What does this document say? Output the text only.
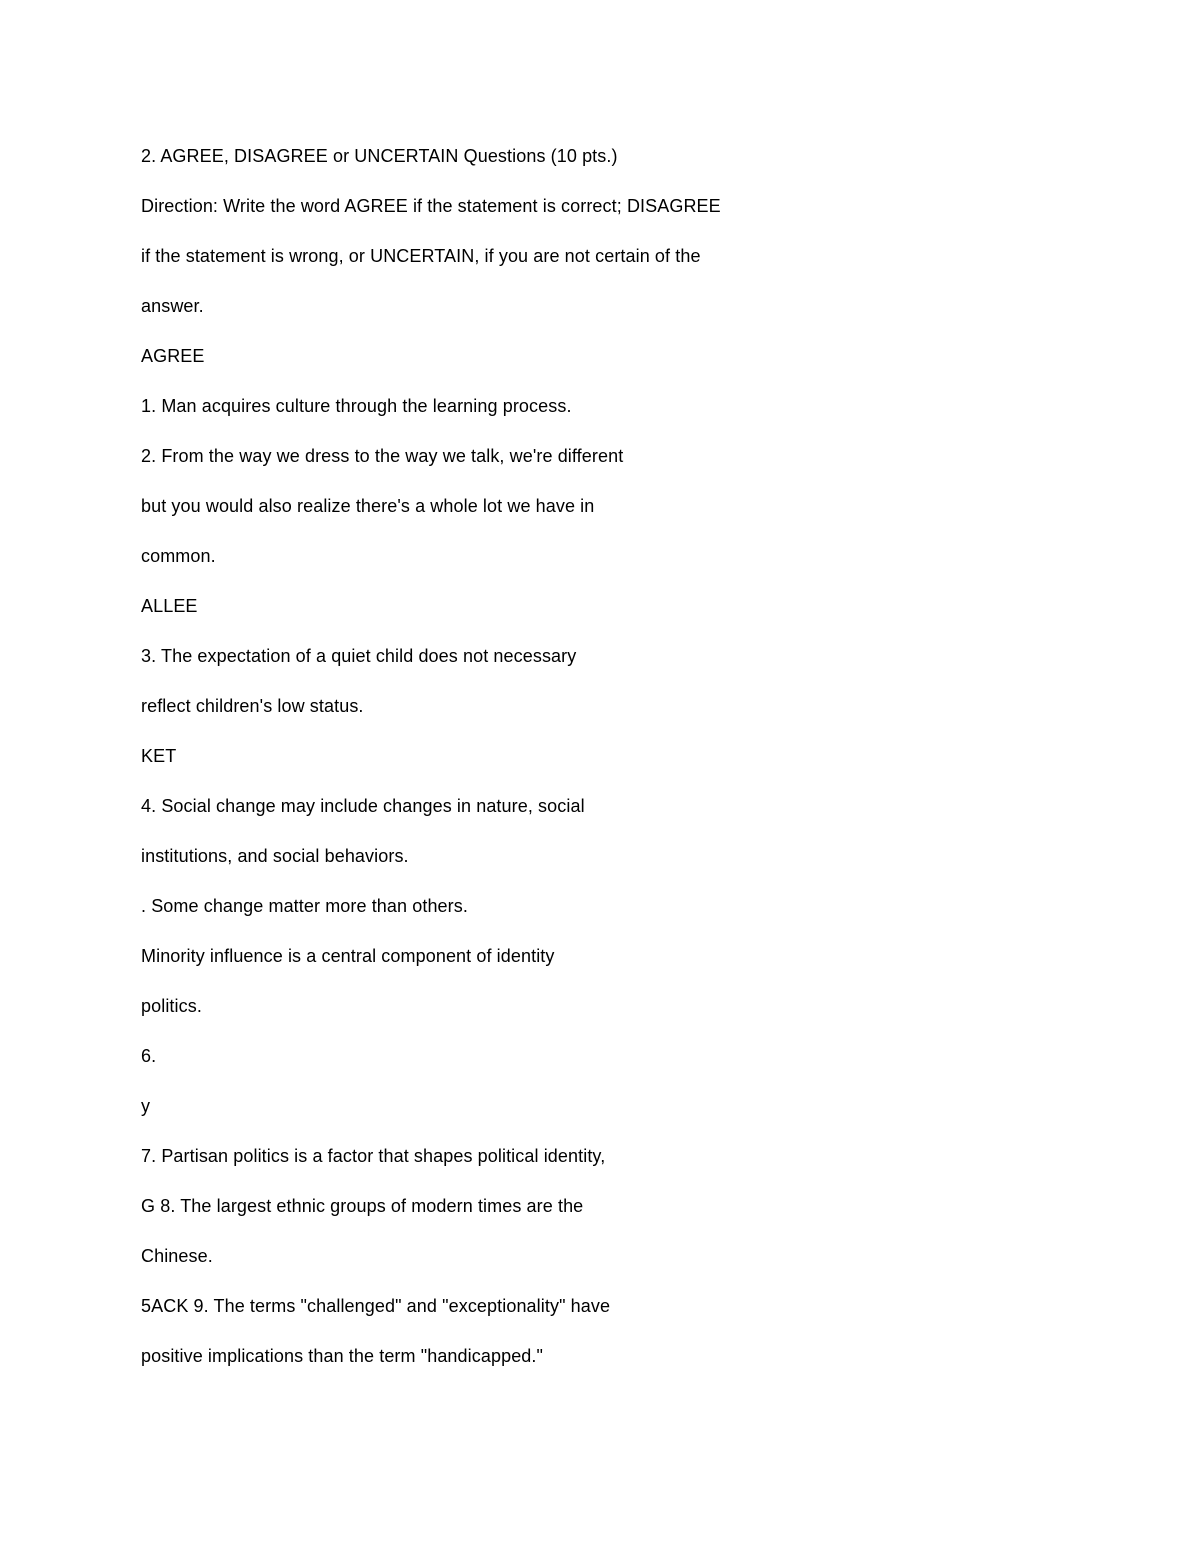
2. AGREE, DISAGREE or UNCERTAIN Questions (10 pts.)
Direction: Write the word AGREE if the statement is correct; DISAGREE
if the statement is wrong, or UNCERTAIN, if you are not certain of the
answer.
AGREE
1. Man acquires culture through the learning process.
2. From the way we dress to the way we talk, we're different
but you would also realize there's a whole lot we have in
common.
ALLEE
3. The expectation of a quiet child does not necessary
reflect children's low status.
KET
4. Social change may include changes in nature, social
institutions, and social behaviors.
. Some change matter more than others.
Minority influence is a central component of identity
politics.
6.
y
7. Partisan politics is a factor that shapes political identity,
G 8. The largest ethnic groups of modern times are the
Chinese.
5ACK 9. The terms "challenged" and "exceptionality" have
positive implications than the term "handicapped."
